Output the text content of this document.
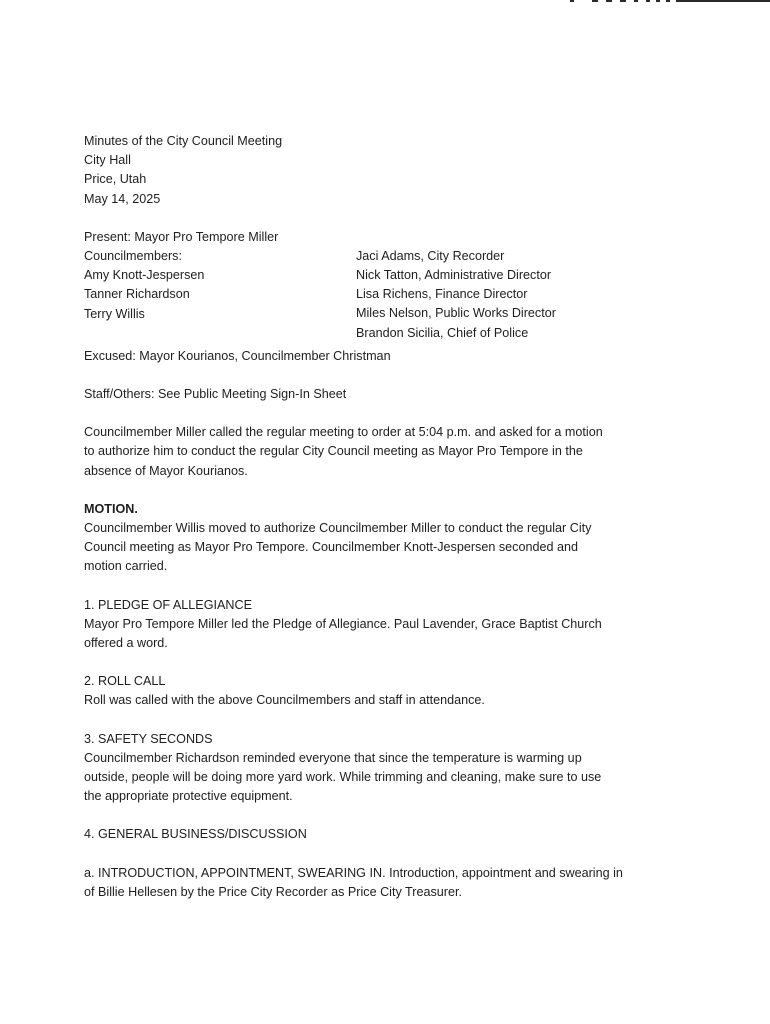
Minutes of the City Council Meeting
City Hall
Price, Utah
May 14, 2025
Present: Mayor Pro Tempore Miller
Councilmembers:
Amy Knott-Jespersen
Tanner Richardson
Terry Willis
Jaci Adams, City Recorder
Nick Tatton, Administrative Director
Lisa Richens, Finance Director
Miles Nelson, Public Works Director
Brandon Sicilia, Chief of Police
Excused: Mayor Kourianos, Councilmember Christman
Staff/Others: See Public Meeting Sign-In Sheet
Councilmember Miller called the regular meeting to order at 5:04 p.m. and asked for a motion
to authorize him to conduct the regular City Council meeting as Mayor Pro Tempore in the
absence of Mayor Kourianos.
MOTION.
Councilmember Willis moved to authorize Councilmember Miller to conduct the regular City
Council meeting as Mayor Pro Tempore. Councilmember Knott-Jespersen seconded and
motion carried.
1. PLEDGE OF ALLEGIANCE
Mayor Pro Tempore Miller led the Pledge of Allegiance. Paul Lavender, Grace Baptist Church
offered a word.
2. ROLL CALL
Roll was called with the above Councilmembers and staff in attendance.
3. SAFETY SECONDS
Councilmember Richardson reminded everyone that since the temperature is warming up
outside, people will be doing more yard work. While trimming and cleaning, make sure to use
the appropriate protective equipment.
4. GENERAL BUSINESS/DISCUSSION
a. INTRODUCTION, APPOINTMENT, SWEARING IN. Introduction, appointment and swearing in
of Billie Hellesen by the Price City Recorder as Price City Treasurer.
